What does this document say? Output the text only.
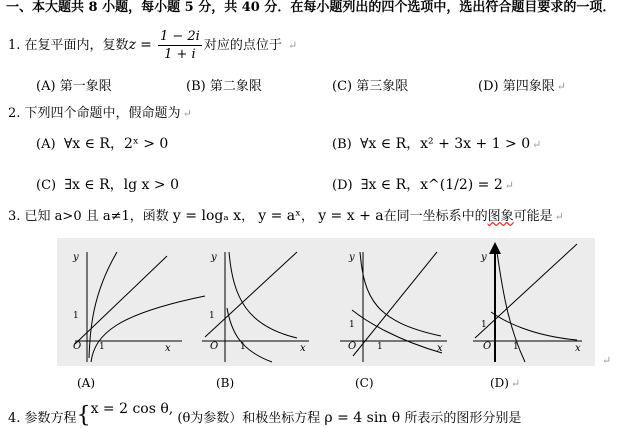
一、本大题共 8 小题，每小题 5 分，共 40 分．在每小题列出的四个选项中，选出符合题目要求的一项．
1. 在复平面内，复数$z = \frac{1 - 2i}{1 + i}$ 对应的点位于 ↵
(A) 第一象限	(B) 第二象限	(C) 第三象限	(D) 第四象限 ↵
2. 下列四个命题中，假命题为 ↵
(A) ∀x ∈ R，2ˣ > 0	(B) ∀x ∈ R，x² + 3x + 1 > 0 ↵
(C) ∃x ∈ R，lg x > 0	(D) ∃x ∈ R，x^(1/2) = 2 ↵
3. 已知 a>0 且 a≠1，函数 y = logₐ x， y = aˣ， y = x + a在同一坐标系中的图象可能是 ↵
1
O 1	x
y
1
O 1	x
y
1
O 1	x
y
1
O 1	x
y
↵
(A)	(B)	(C)	(D) ↵
4. 参数方程{x = 2 cos θ, (θ为参数）和极坐标方程 ρ = 4 sin θ 所表示的图形分别是
